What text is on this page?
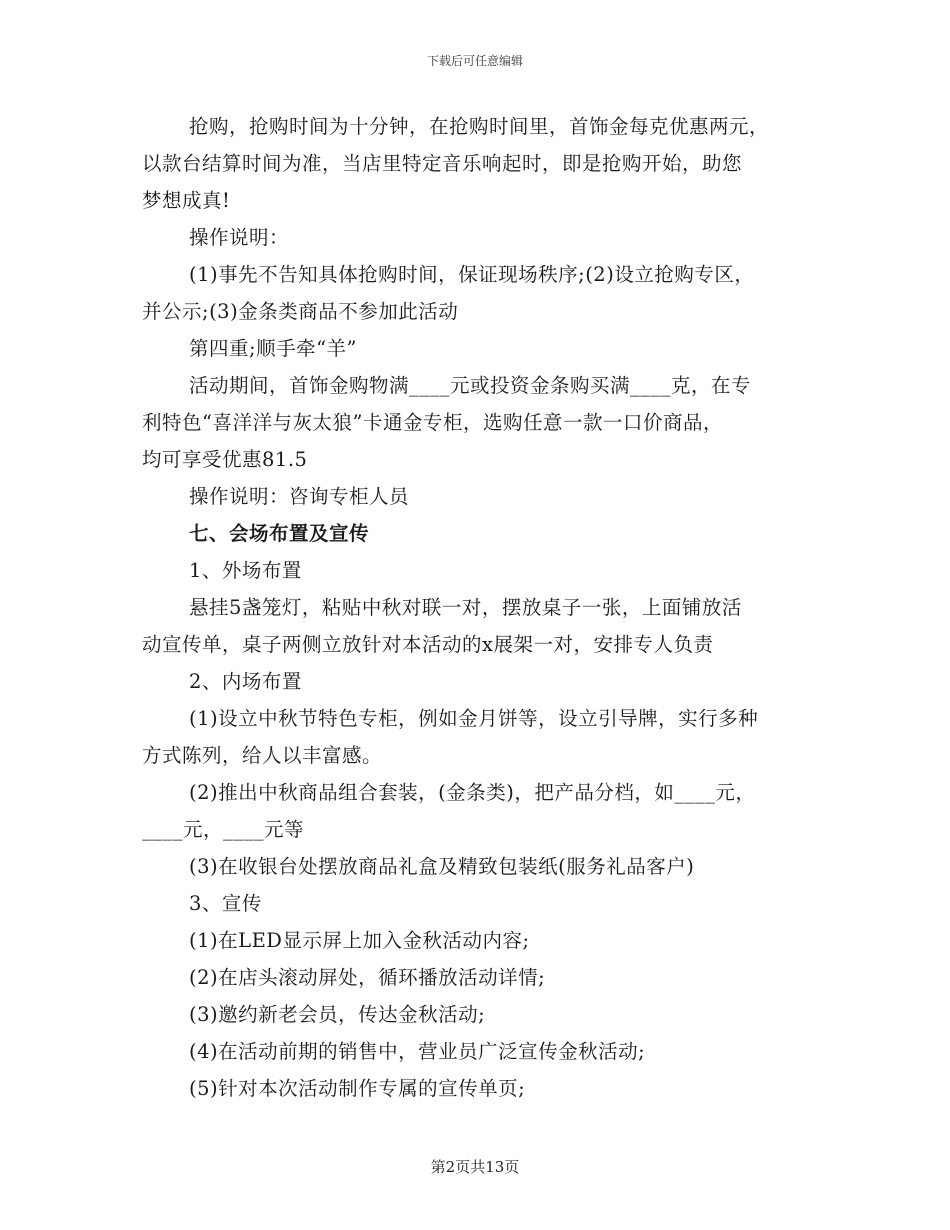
下载后可任意编辑
抢购，抢购时间为十分钟，在抢购时间里，首饰金每克优惠两元，
以款台结算时间为准，当店里特定音乐响起时，即是抢购开始，助您
梦想成真!
操作说明：
(1)事先不告知具体抢购时间，保证现场秩序;(2)设立抢购专区，
并公示;(3)金条类商品不参加此活动
第四重;顺手牵“羊”
活动期间，首饰金购物满____元或投资金条购买满____克，在专
利特色“喜洋洋与灰太狼”卡通金专柜，选购任意一款一口价商品，
均可享受优惠81.5
操作说明：咨询专柜人员
七、会场布置及宣传
1、外场布置
悬挂5盏笼灯，粘贴中秋对联一对，摆放桌子一张，上面铺放活
动宣传单，桌子两侧立放针对本活动的x展架一对，安排专人负责
2、内场布置
(1)设立中秋节特色专柜，例如金月饼等，设立引导牌，实行多种
方式陈列，给人以丰富感。
(2)推出中秋商品组合套装，(金条类)，把产品分档，如____元，
____元，____元等
(3)在收银台处摆放商品礼盒及精致包装纸(服务礼品客户)
3、宣传
(1)在LED显示屏上加入金秋活动内容;
(2)在店头滚动屏处，循环播放活动详情;
(3)邀约新老会员，传达金秋活动;
(4)在活动前期的销售中，营业员广泛宣传金秋活动;
(5)针对本次活动制作专属的宣传单页;
第2页共13页
